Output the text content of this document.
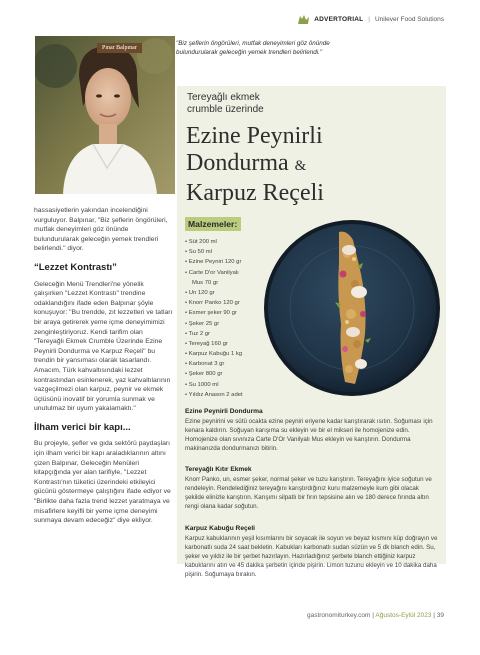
ADVERTORIAL | Unilever Food Solutions
Pınar Balpınar
"Biz şeflerin öngörüleri, mutfak deneyimleri göz önünde bulundurularak geleceğin yemek trendleri belirlendi."

hassasiyetlerin yakından incelendiğini vurguluyor. Balpınar, "Biz şeflerin öngörüleri, mutfak deneyimleri göz önünde bulundurularak geleceğin yemek trendleri belirlendi." diyor.

“Lezzet Kontrastı”

Geleceğin Menü Trendleri'ne yönelik çalışırken "Lezzet Kontrastı" trendine odaklandığını ifade eden Balpınar şöyle konuşuyor: "Bu trendde, zıt lezzetleri ve tatları bir araya getirerek yeme içme deneyimimizi zenginleştiriyoruz. Kendi tarifim olan "Tereyağlı Ekmek Crumble Üzerinde Ezine Peynirli Dondurma ve Karpuz Reçeli" bu trendin bir yansıması olarak tasarlandı. Amacım, Türk kahvaltısındaki lezzet kontrastından esinlenerek, yaz kahvaltılarının vazgeçilmezi olan karpuz, peynir ve ekmek üçlüsünü inovatif bir yorumla sunmak ve unutulmaz bir uyum yakalamaktı."

İlham verici bir kapı...

Bu projeyle, şefler ve gıda sektörü paydaşları için ilham verici bir kapı araladıklarının altını çizen Balpınar, Geleceğin Menüleri kitapçığında yer alan tarifiyle, "Lezzet Kontrastı'nın tüketici üzerindeki etkileyici gücünü göstermeye çalıştığını ifade ediyor ve "Birlikte daha fazla trend lezzet yaratmaya ve misafirlere keyifli bir yeme içme deneyimi sunmaya devam edeceğiz" diye ekliyor.

Tereyağlı ekmek
crumble üzerinde
Ezine Peynirli
Dondurma &
Karpuz Reçeli
Malzemeler:
• Süt 200 ml
• Su 50 ml
• Ezine Peyniri 120 gr
• Carte D'or Vanilyalı
Mus 70 gr
• Un 120 gr
• Knorr Panko 120 gr
• Esmer şeker 90 gr
• Şeker 25 gr
• Tuz 2 gr
• Tereyağ 160 gr
• Karpuz Kabuğu 1 kg
• Karbonat 3 gr
• Şeker 800 gr
• Su 1000 ml
• Yıldız Anason 2 adet
Ezine Peynirli Dondurma
Ezine peynirini ve sütü ocakta ezine peyniri eriyene kadar karıştırarak ısıtın. Soğuması için kenara kaldırın. Soğuyan karışıma su ekleyin ve bir el mikseri ile homojenize edin. Homojenize olan sıvınıza Carte D'Or Vanilyalı Mus ekleyin ve karıştırın. Dondurma makinanızda dondurmanızı bitirin.
Tereyağlı Kıtır Ekmek
Knorr Panko, un, esmer şeker, normal şeker ve tuzu karıştırın. Tereyağını iyice soğutun ve rendeleyin. Rendelediğiniz tereyağını karıştırdığınız kuru malzemeyle kum gibi olacak şekilde elinizle karıştırın. Karışımı silpatlı bir fırın tepsisine alın ve 180 derece fırında altın rengi olana kadar soğutun.
Karpuz Kabuğu Reçeli
Karpuz kabuklarının yeşil kısımlarını bir soyacak ile soyun ve beyaz kısmını küp doğrayın ve karbonatlı suda 24 saat bekletin. Kabukları karbonatlı sudan süzün ve 5 dk blanch edin. Su, şeker ve yıldız ile bir şerbet hazırlayın. Hazırladığınız şerbete blanch ettiğiniz karpuz kabuklarını atın ve 45 dakika şerbetin içinde pişirin. Limon tuzunu ekleyin ve 10 dakika daha pişirin. Soğumaya bırakın.
gastronomiturkey.com | Ağustos-Eylül 2023 | 39
